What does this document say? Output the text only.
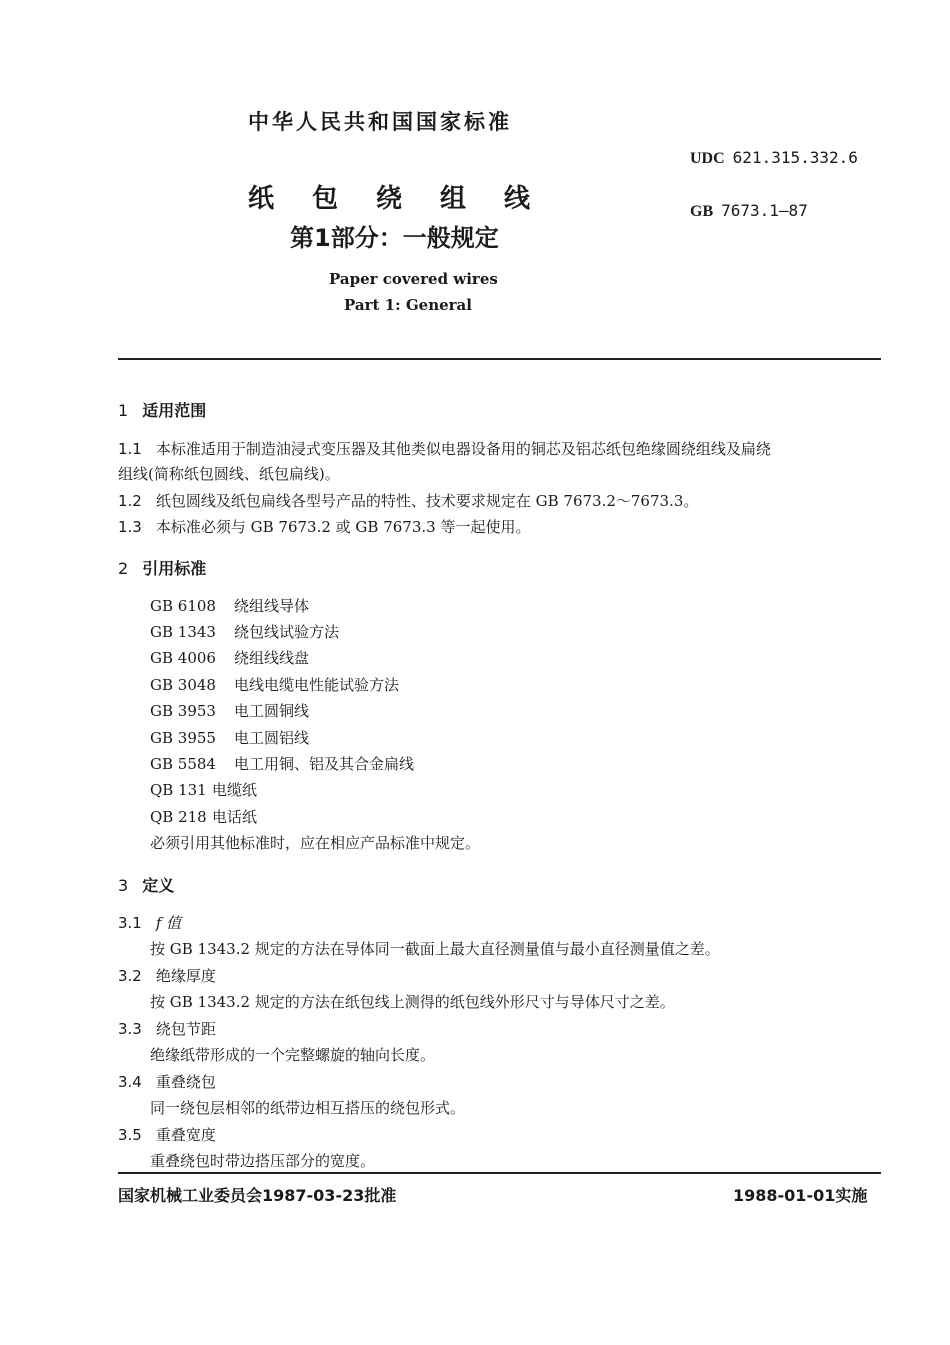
中华人民共和国国家标准
UDC 621.315.332.6
GB 7673.1—87
纸包绕组线
第1部分：一般规定
Paper covered wires
Part 1: General
1 适用范围
1.1 本标准适用于制造油浸式变压器及其他类似电器设备用的铜芯及铝芯纸包绝缘圆绕组线及扁绕
组线(简称纸包圆线、纸包扁线)。
1.2 纸包圆线及纸包扁线各型号产品的特性、技术要求规定在 GB 7673.2～7673.3。
1.3 本标准必须与 GB 7673.2 或 GB 7673.3 等一起使用。
2 引用标准
GB 6108 绕组线导体
GB 1343 绕包线试验方法
GB 4006 绕组线线盘
GB 3048 电线电缆电性能试验方法
GB 3953 电工圆铜线
GB 3955 电工圆铝线
GB 5584 电工用铜、铝及其合金扁线
QB 131 电缆纸
QB 218 电话纸
必须引用其他标准时，应在相应产品标准中规定。
3 定义
3.1 f 值
按 GB 1343.2 规定的方法在导体同一截面上最大直径测量值与最小直径测量值之差。
3.2 绝缘厚度
按 GB 1343.2 规定的方法在纸包线上测得的纸包线外形尺寸与导体尺寸之差。
3.3 绕包节距
绝缘纸带形成的一个完整螺旋的轴向长度。
3.4 重叠绕包
同一绕包层相邻的纸带边相互搭压的绕包形式。
3.5 重叠宽度
重叠绕包时带边搭压部分的宽度。
国家机械工业委员会1987-03-23批准	1988-01-01实施
